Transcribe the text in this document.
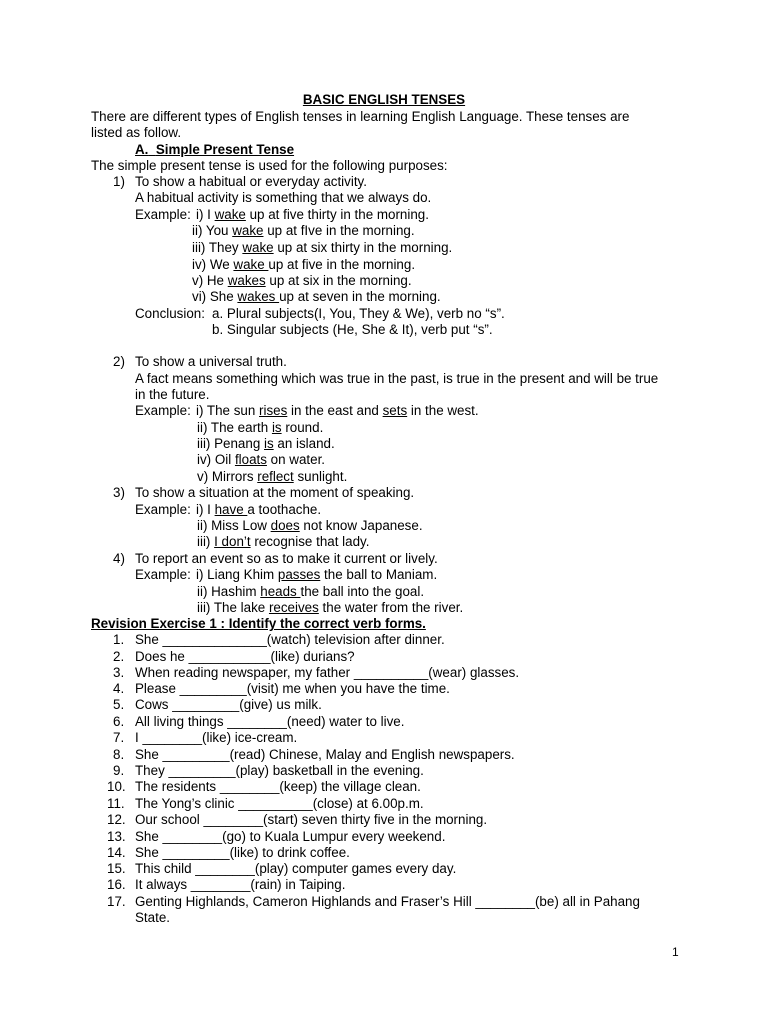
BASIC ENGLISH TENSES
There are different types of English tenses in learning English Language. These tenses are
listed as follow.
A. Simple Present Tense
The simple present tense is used for the following purposes:
1) To show a habitual or everyday activity.
A habitual activity is something that we always do.
Example: i) I wake up at five thirty in the morning.
ii) You wake up at fIve in the morning.
iii) They wake up at six thirty in the morning.
iv) We wake up at five in the morning.
v) He wakes up at six in the morning.
vi) She wakes up at seven in the morning.
Conclusion: a. Plural subjects(I, You, They & We), verb no “s”.
b. Singular subjects (He, She & It), verb put “s”.
2) To show a universal truth.
A fact means something which was true in the past, is true in the present and will be true
in the future.
Example: i) The sun rises in the east and sets in the west.
ii) The earth is round.
iii) Penang is an island.
iv) Oil floats on water.
v) Mirrors reflect sunlight.
3) To show a situation at the moment of speaking.
Example: i) I have a toothache.
ii) Miss Low does not know Japanese.
iii) I don’t recognise that lady.
4) To report an event so as to make it current or lively.
Example: i) Liang Khim passes the ball to Maniam.
ii) Hashim heads the ball into the goal.
iii) The lake receives the water from the river.
Revision Exercise 1 : Identify the correct verb forms.
1. She ______________(watch) television after dinner.
2. Does he ___________(like) durians?
3. When reading newspaper, my father __________(wear) glasses.
4. Please _________(visit) me when you have the time.
5. Cows _________(give) us milk.
6. All living things ________(need) water to live.
7. I ________(like) ice-cream.
8. She _________(read) Chinese, Malay and English newspapers.
9. They _________(play) basketball in the evening.
10. The residents ________(keep) the village clean.
11. The Yong’s clinic __________(close) at 6.00p.m.
12. Our school ________(start) seven thirty five in the morning.
13. She ________(go) to Kuala Lumpur every weekend.
14. She _________(like) to drink coffee.
15. This child ________(play) computer games every day.
16. It always ________(rain) in Taiping.
17. Genting Highlands, Cameron Highlands and Fraser’s Hill ________(be) all in Pahang
State.
1
